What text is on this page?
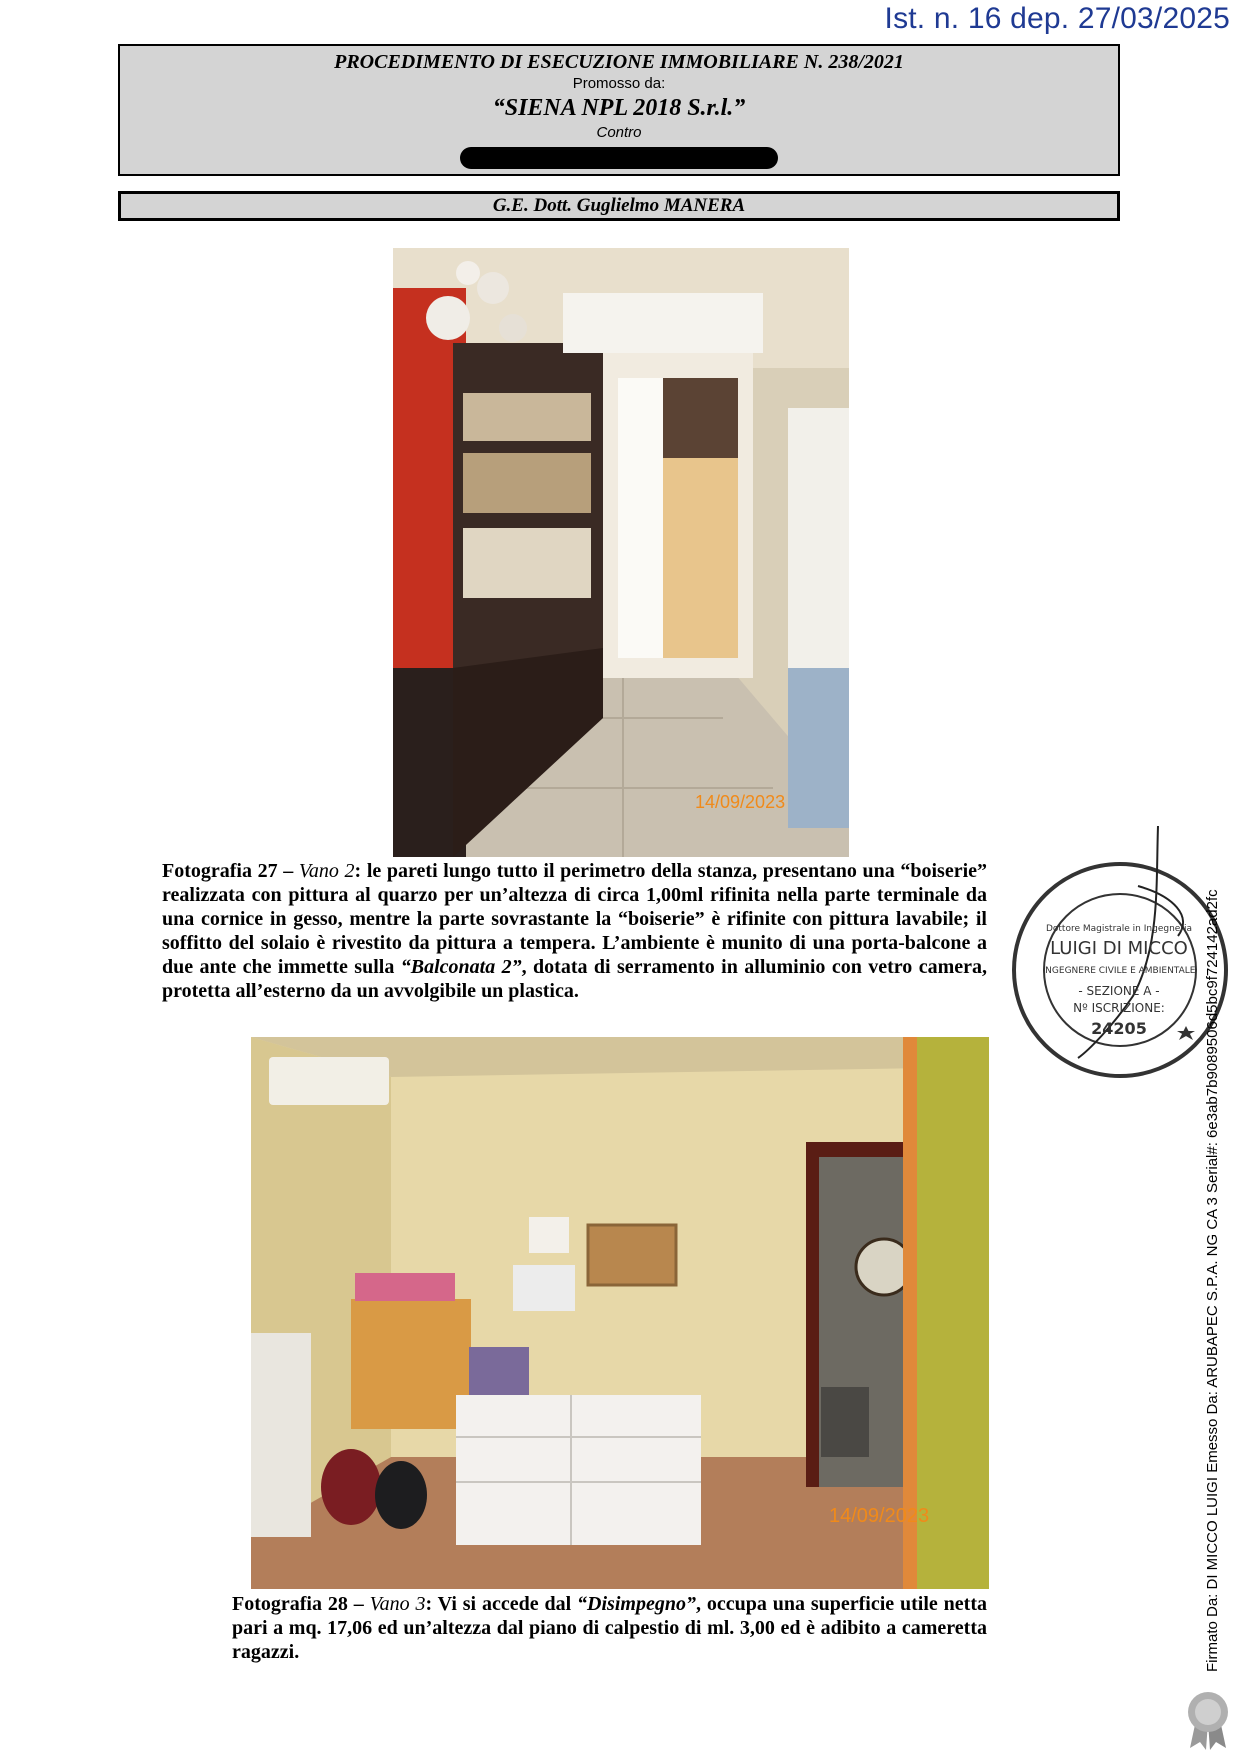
Ist. n. 16 dep. 27/03/2025
PROCEDIMENTO DI ESECUZIONE IMMOBILIARE N. 238/2021
Promosso da:
“SIENA NPL 2018 S.r.l.”
Contro
G.E. Dott. Guglielmo MANERA
14/09/2023
Fotografia 27 – Vano 2: le pareti lungo tutto il perimetro della stanza, presentano una “boiserie” realizzata con pittura al quarzo per un’altezza di circa 1,00ml rifinita nella parte terminale da una cornice in gesso, mentre la parte sovrastante la “boiserie” è rifinite con pittura lavabile; il soffitto del solaio è rivestito da pittura a tempera. L’ambiente è munito di una porta-balcone a due ante che immette sulla “Balconata 2”, dotata di serramento in alluminio con vetro camera, protetta all’esterno da un avvolgibile un plastica.
14/09/2023
Fotografia 28 – Vano 3: Vi si accede dal “Disimpegno”, occupa una superficie utile netta pari a mq. 17,06 ed un’altezza dal piano di calpestio di ml. 3,00 ed è adibito a cameretta ragazzi.
Dottore Magistrale in Ingegneria
LUIGI DI MICCO
INGEGNERE CIVILE E AMBIENTALE
- SEZIONE A -
Nº ISCRIZIONE:
24205	Firmato Da: DI MICCO LUIGI Emesso Da: ARUBAPEC S.P.A. NG CA 3 Serial#: 6e3ab7b9089506d5bc9f724142ad2fc
